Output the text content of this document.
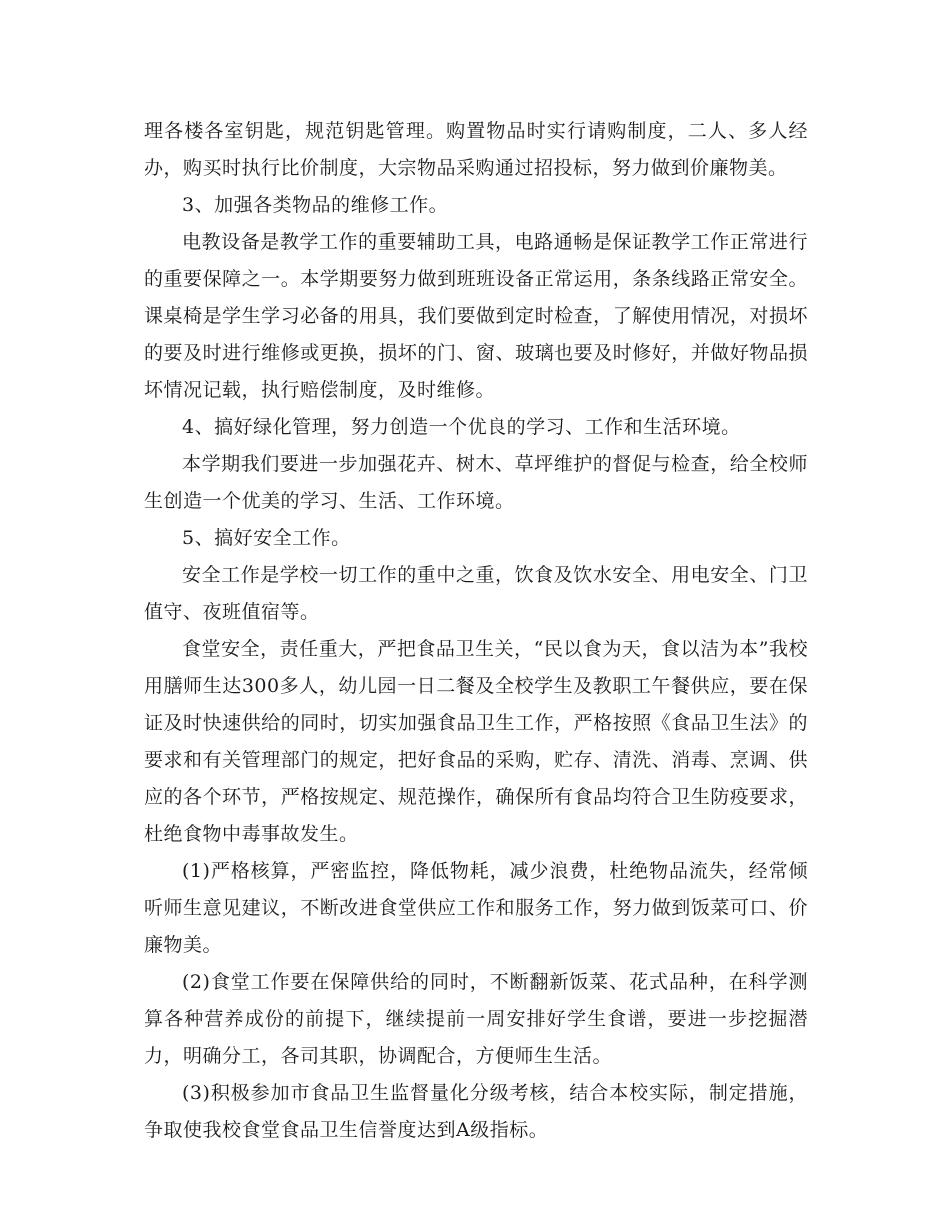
理各楼各室钥匙，规范钥匙管理。购置物品时实行请购制度，二人、多人经办，购买时执行比价制度，大宗物品采购通过招投标，努力做到价廉物美。

3、加强各类物品的维修工作。

电教设备是教学工作的重要辅助工具，电路通畅是保证教学工作正常进行的重要保障之一。本学期要努力做到班班设备正常运用，条条线路正常安全。课桌椅是学生学习必备的用具，我们要做到定时检查，了解使用情况，对损坏的要及时进行维修或更换，损坏的门、窗、玻璃也要及时修好，并做好物品损坏情况记载，执行赔偿制度，及时维修。

4、搞好绿化管理，努力创造一个优良的学习、工作和生活环境。

本学期我们要进一步加强花卉、树木、草坪维护的督促与检查，给全校师生创造一个优美的学习、生活、工作环境。

5、搞好安全工作。

安全工作是学校一切工作的重中之重，饮食及饮水安全、用电安全、门卫值守、夜班值宿等。

食堂安全，责任重大，严把食品卫生关，“民以食为天，食以洁为本”我校用膳师生达300多人，幼儿园一日二餐及全校学生及教职工午餐供应，要在保证及时快速供给的同时，切实加强食品卫生工作，严格按照《食品卫生法》的要求和有关管理部门的规定，把好食品的采购，贮存、清洗、消毒、烹调、供应的各个环节，严格按规定、规范操作，确保所有食品均符合卫生防疫要求，杜绝食物中毒事故发生。

(1)严格核算，严密监控，降低物耗，减少浪费，杜绝物品流失，经常倾听师生意见建议，不断改进食堂供应工作和服务工作，努力做到饭菜可口、价廉物美。

(2)食堂工作要在保障供给的同时，不断翻新饭菜、花式品种，在科学测算各种营养成份的前提下，继续提前一周安排好学生食谱，要进一步挖掘潜力，明确分工，各司其职，协调配合，方便师生生活。

(3)积极参加市食品卫生监督量化分级考核，结合本校实际，制定措施，争取使我校食堂食品卫生信誉度达到A级指标。
